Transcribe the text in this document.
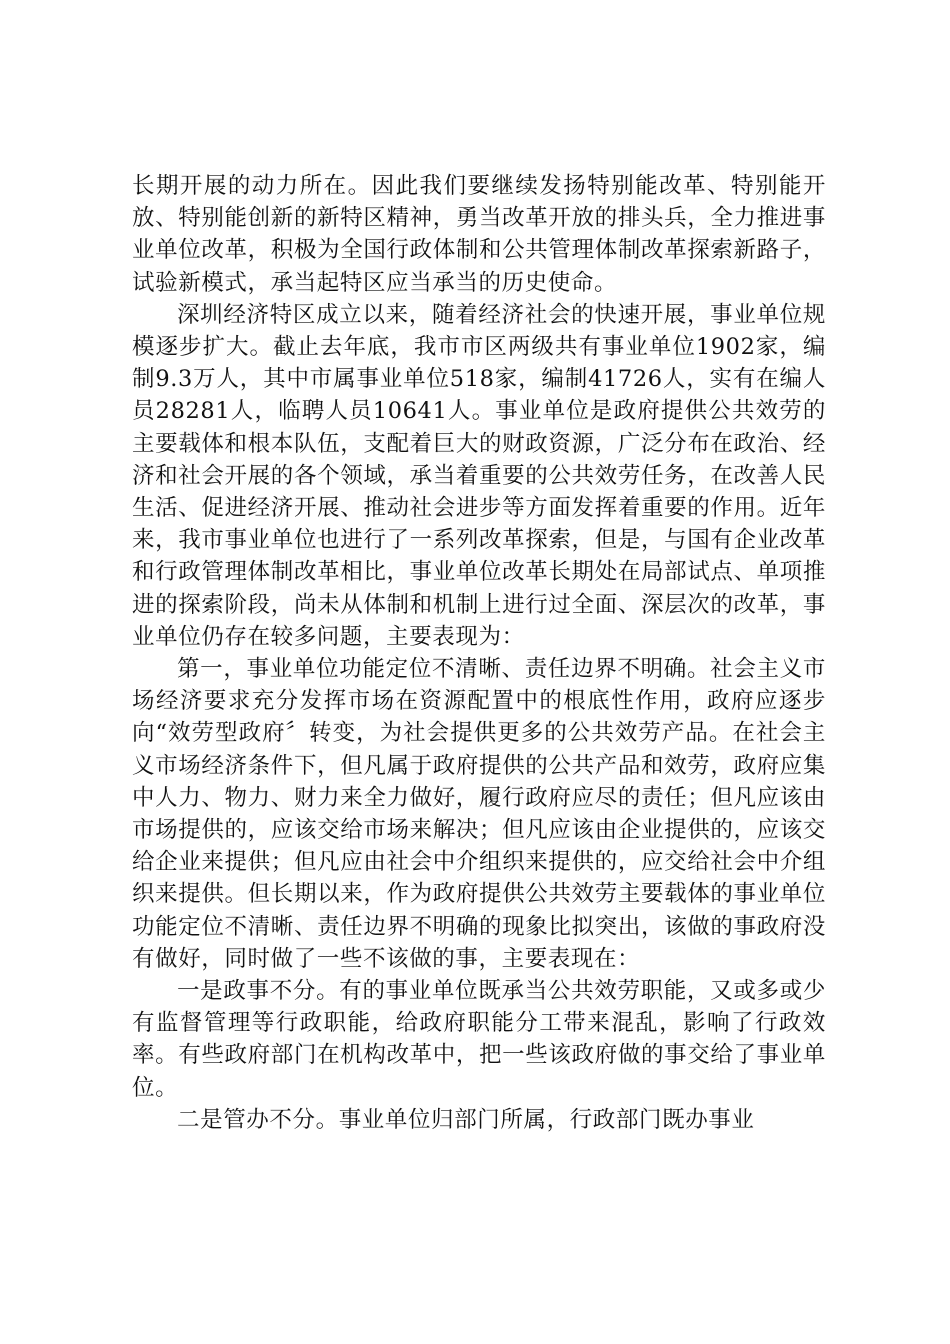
长期开展的动力所在。因此我们要继续发扬特别能改革、特别能开放、特别能创新的新特区精神，勇当改革开放的排头兵，全力推进事业单位改革，积极为全国行政体制和公共管理体制改革探索新路子，试验新模式，承当起特区应当承当的历史使命。

深圳经济特区成立以来，随着经济社会的快速开展，事业单位规模逐步扩大。截止去年底，我市市区两级共有事业单位1902家，编制9.3万人，其中市属事业单位518家，编制41726人，实有在编人员28281人，临聘人员10641人。事业单位是政府提供公共效劳的主要载体和根本队伍，支配着巨大的财政资源，广泛分布在政治、经济和社会开展的各个领域，承当着重要的公共效劳任务，在改善人民生活、促进经济开展、推动社会进步等方面发挥着重要的作用。近年来，我市事业单位也进行了一系列改革探索，但是，与国有企业改革和行政管理体制改革相比，事业单位改革长期处在局部试点、单项推进的探索阶段，尚未从体制和机制上进行过全面、深层次的改革，事业单位仍存在较多问题，主要表现为：

第一，事业单位功能定位不清晰、责任边界不明确。社会主义市场经济要求充分发挥市场在资源配置中的根底性作用，政府应逐步向“效劳型政府〞转变，为社会提供更多的公共效劳产品。在社会主义市场经济条件下，但凡属于政府提供的公共产品和效劳，政府应集中人力、物力、财力来全力做好，履行政府应尽的责任；但凡应该由市场提供的，应该交给市场来解决；但凡应该由企业提供的，应该交给企业来提供；但凡应由社会中介组织来提供的，应交给社会中介组织来提供。但长期以来，作为政府提供公共效劳主要载体的事业单位功能定位不清晰、责任边界不明确的现象比拟突出，该做的事政府没有做好，同时做了一些不该做的事，主要表现在：

一是政事不分。有的事业单位既承当公共效劳职能，又或多或少有监督管理等行政职能，给政府职能分工带来混乱，影响了行政效率。有些政府部门在机构改革中，把一些该政府做的事交给了事业单位。

二是管办不分。事业单位归部门所属，行政部门既办事业
